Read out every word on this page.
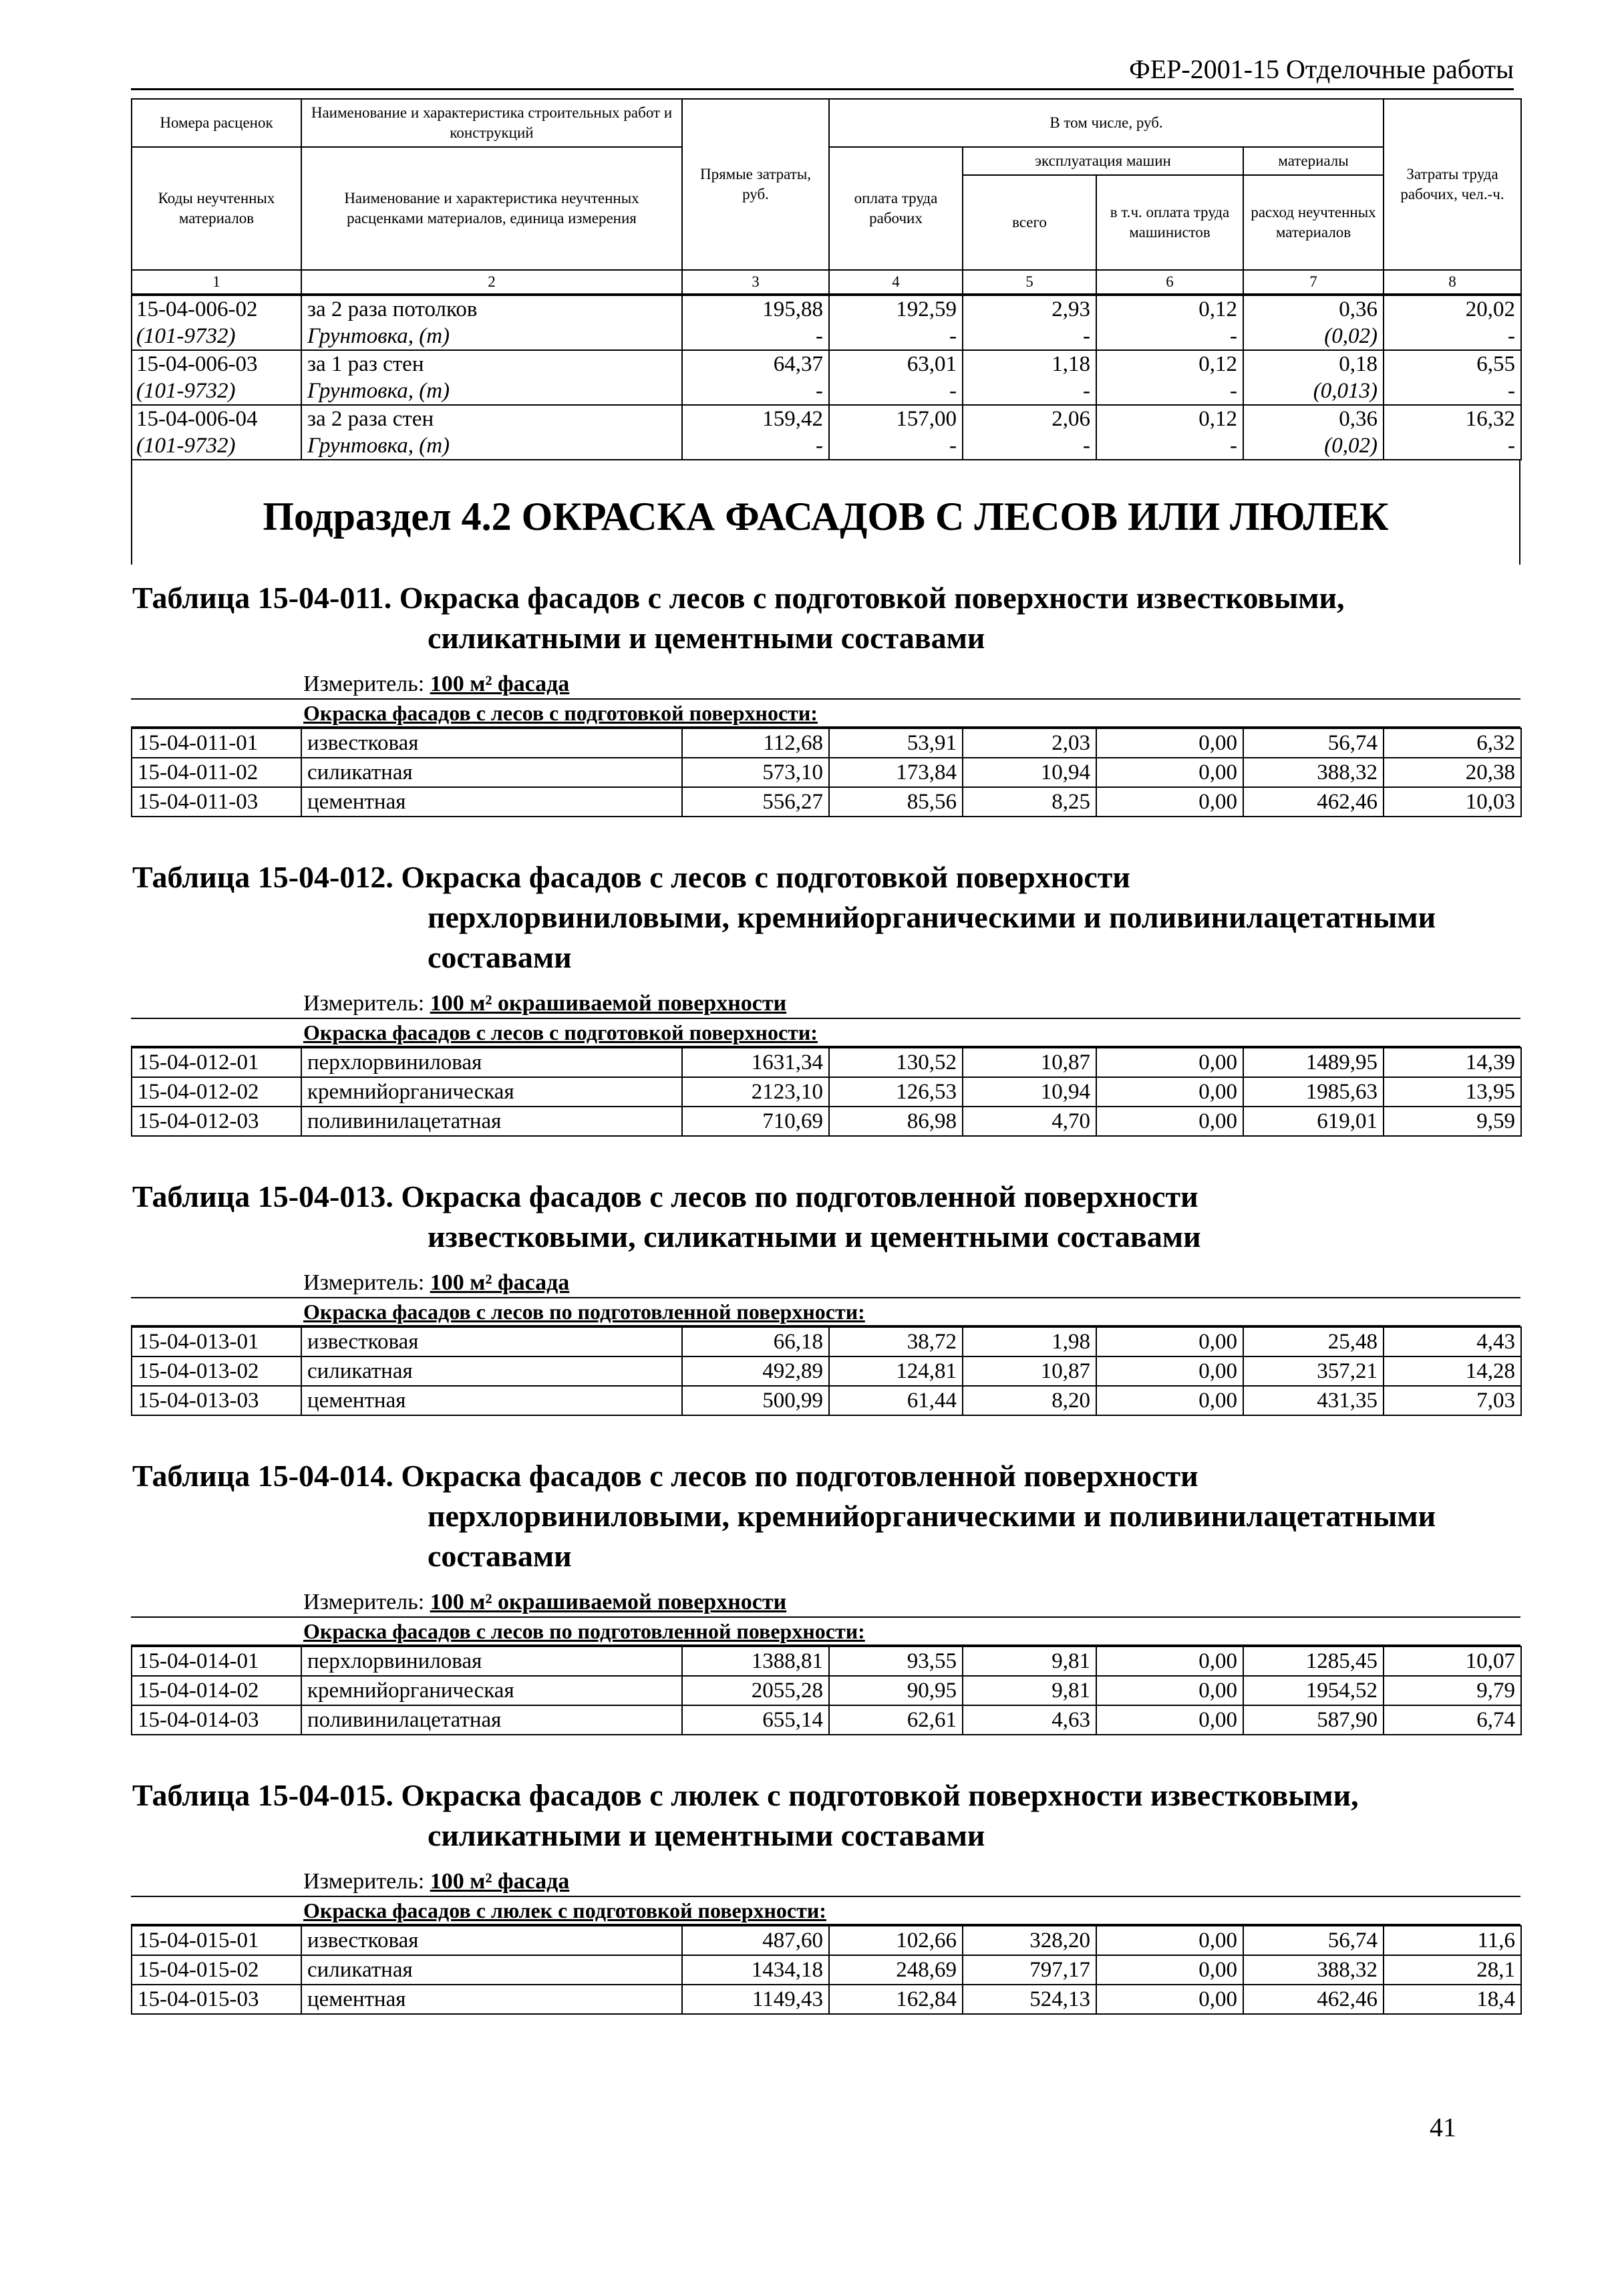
ФЕР-2001-15 Отделочные работы
Номера расценок	Наименование и характеристика строительных работ и конструкций	Прямые затраты, руб.	В том числе, руб.				Затраты труда рабочих, чел.-ч.
Коды неучтенных материалов	Наименование и характеристика неучтенных расценками материалов, единица измерения		оплата труда рабочих	эксплуатация машин		материалы	
				всего	в т.ч. оплата труда машинистов	расход неучтенных материалов	
1	2	3	4	5	6	7	8
15-04-006-02	за 2 раза потолков	195,88	192,59	2,93	0,12	0,36	20,02
(101-9732)	Грунтовка, (т)	-	-	-	-	(0,02)	-
15-04-006-03	за 1 раз стен	64,37	63,01	1,18	0,12	0,18	6,55
(101-9732)	Грунтовка, (т)	-	-	-	-	(0,013)	-
15-04-006-04	за 2 раза стен	159,42	157,00	2,06	0,12	0,36	16,32
(101-9732)	Грунтовка, (т)	-	-	-	-	(0,02)	-
Подраздел 4.2 ОКРАСКА ФАСАДОВ С ЛЕСОВ ИЛИ ЛЮЛЕК
Таблица 15-04-011. Окраска фасадов с лесов с подготовкой поверхности известковыми,
силикатными и цементными составами
Измеритель: 100 м² фасада
Окраска фасадов с лесов с подготовкой поверхности:
15-04-011-01	известковая	112,68	53,91	2,03	0,00	56,74	6,32
15-04-011-02	силикатная	573,10	173,84	10,94	0,00	388,32	20,38
15-04-011-03	цементная	556,27	85,56	8,25	0,00	462,46	10,03
Таблица 15-04-012. Окраска фасадов с лесов с подготовкой поверхности
перхлорвиниловыми, кремнийорганическими и поливинилацетатными
составами
Измеритель: 100 м² окрашиваемой поверхности
Окраска фасадов с лесов с подготовкой поверхности:
15-04-012-01	перхлорвиниловая	1631,34	130,52	10,87	0,00	1489,95	14,39
15-04-012-02	кремнийорганическая	2123,10	126,53	10,94	0,00	1985,63	13,95
15-04-012-03	поливинилацетатная	710,69	86,98	4,70	0,00	619,01	9,59
Таблица 15-04-013. Окраска фасадов с лесов по подготовленной поверхности
известковыми, силикатными и цементными составами
Измеритель: 100 м² фасада
Окраска фасадов с лесов по подготовленной поверхности:
15-04-013-01	известковая	66,18	38,72	1,98	0,00	25,48	4,43
15-04-013-02	силикатная	492,89	124,81	10,87	0,00	357,21	14,28
15-04-013-03	цементная	500,99	61,44	8,20	0,00	431,35	7,03
Таблица 15-04-014. Окраска фасадов с лесов по подготовленной поверхности
перхлорвиниловыми, кремнийорганическими и поливинилацетатными
составами
Измеритель: 100 м² окрашиваемой поверхности
Окраска фасадов с лесов по подготовленной поверхности:
15-04-014-01	перхлорвиниловая	1388,81	93,55	9,81	0,00	1285,45	10,07
15-04-014-02	кремнийорганическая	2055,28	90,95	9,81	0,00	1954,52	9,79
15-04-014-03	поливинилацетатная	655,14	62,61	4,63	0,00	587,90	6,74
Таблица 15-04-015. Окраска фасадов с люлек с подготовкой поверхности известковыми,
силикатными и цементными составами
Измеритель: 100 м² фасада
Окраска фасадов с люлек с подготовкой поверхности:
15-04-015-01	известковая	487,60	102,66	328,20	0,00	56,74	11,6
15-04-015-02	силикатная	1434,18	248,69	797,17	0,00	388,32	28,1
15-04-015-03	цементная	1149,43	162,84	524,13	0,00	462,46	18,4
41
